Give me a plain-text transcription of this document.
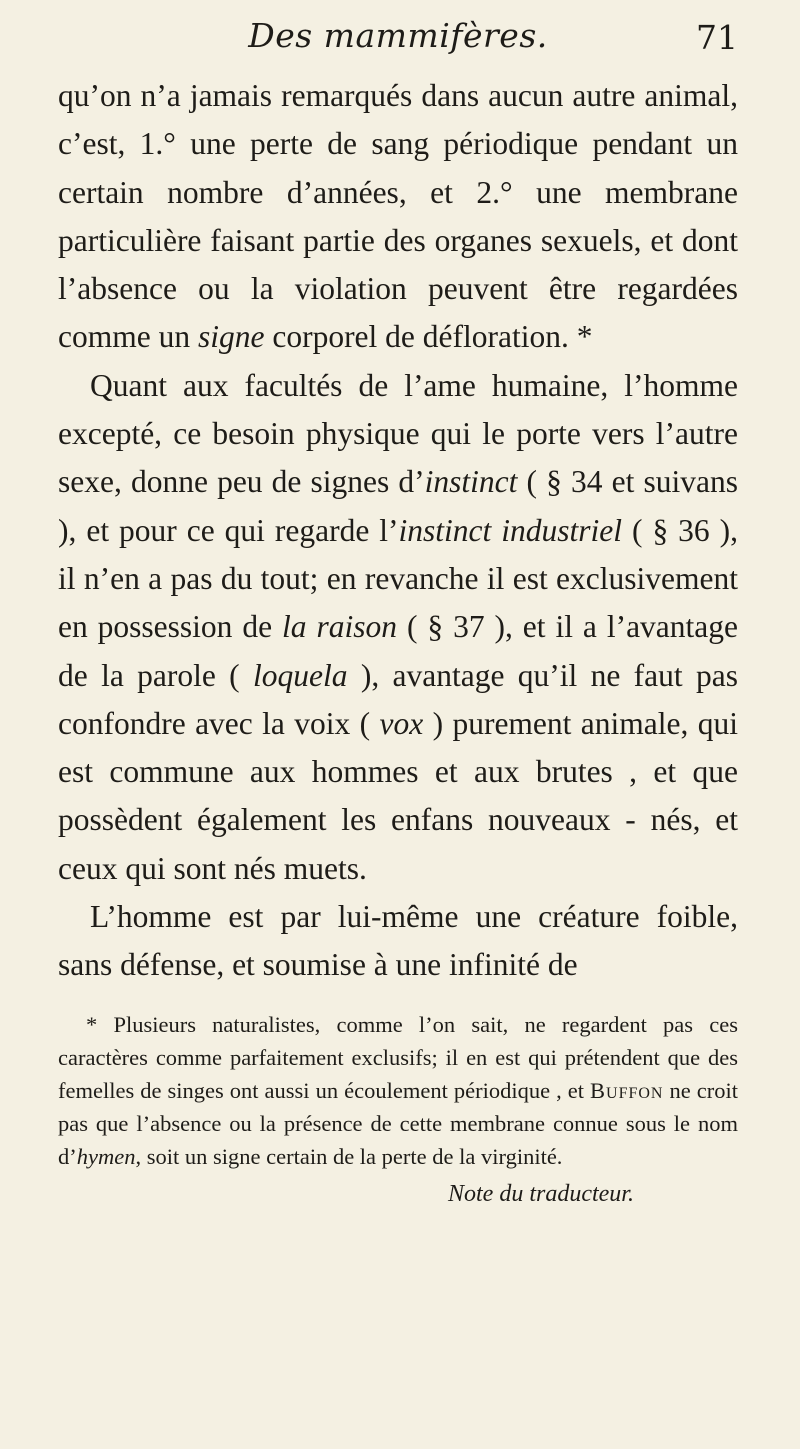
Des mammifères.	71

qu’on n’a jamais remarqués dans aucun autre animal, c’est, 1.° une perte de sang périodique pendant un certain nombre d’années, et 2.° une membrane particulière faisant partie des organes sexuels, et dont l’absence ou la violation peuvent être regardées comme un signe corporel de défloration. *

Quant aux facultés de l’ame humaine, l’homme excepté, ce besoin physique qui le porte vers l’autre sexe, donne peu de signes d’instinct ( § 34 et suivans ), et pour ce qui regarde l’instinct industriel ( § 36 ), il n’en a pas du tout; en revanche il est exclusivement en possession de la raison ( § 37 ), et il a l’avantage de la parole ( loquela ), avantage qu’il ne faut pas confondre avec la voix ( vox ) purement animale, qui est commune aux hommes et aux brutes , et que possèdent également les enfans nouveaux - nés, et ceux qui sont nés muets.

L’homme est par lui-même une créature foible, sans défense, et soumise à une infinité de

* Plusieurs naturalistes, comme l’on sait, ne regardent pas ces caractères comme parfaitement exclusifs; il en est qui prétendent que des femelles de singes ont aussi un écoulement périodique , et Buffon ne croit pas que l’absence ou la présence de cette membrane connue sous le nom d’hymen, soit un signe certain de la perte de la virginité.

Note du traducteur.
